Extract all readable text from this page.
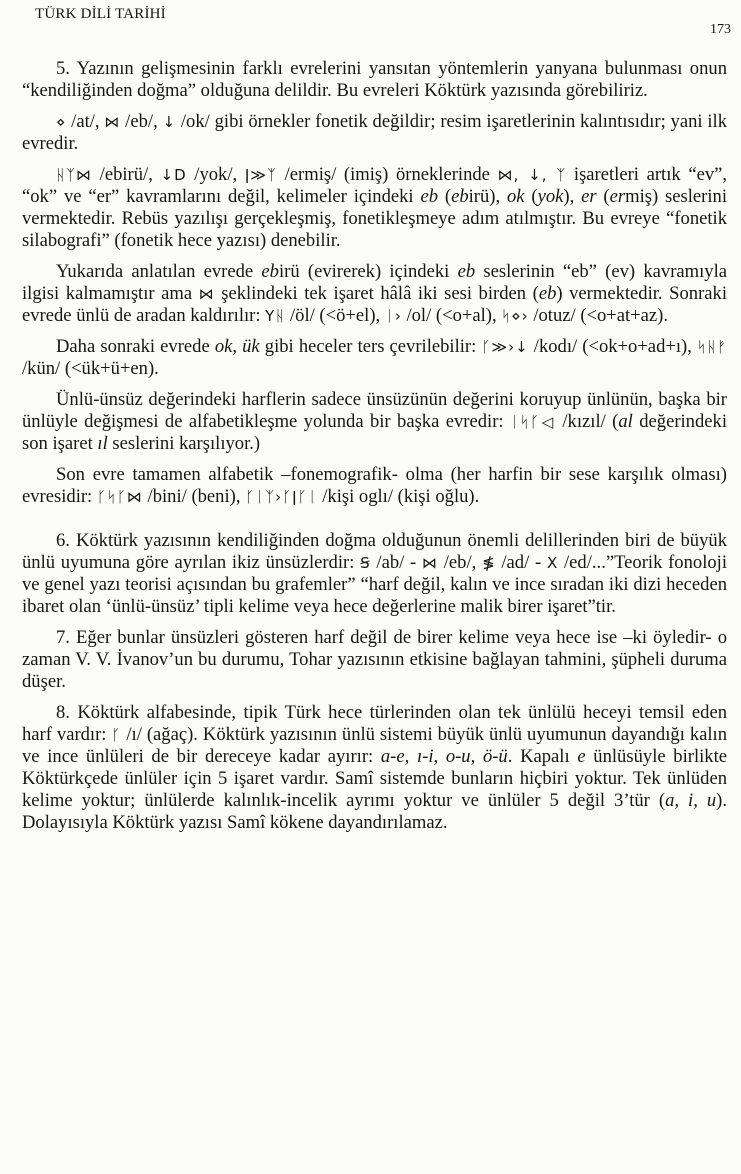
TÜRK DİLİ TARİHİ
173

5. Yazının gelişmesinin farklı evrelerini yansıtan yöntemlerin yanyana bulunması onun “kendiliğinden doğma” olduğuna delildir. Bu evreleri Köktürk yazısında görebiliriz.

⋄ /at/, ⋈ /eb/, ↓ /ok/ gibi örnekler fonetik değildir; resim işaretlerinin kalıntısıdır; yani ilk evredir.

ᚺᛉ⋈ /ebirü/, ↓D /yok/, ǀ≫ᛉ /ermiş/ (imiş) örneklerinde ⋈, ↓, ᛉ işaretleri artık “ev”, “ok” ve “er” kavramlarını değil, kelimeler içindeki eb (ebirü), ok (yok), er (ermiş) seslerini vermektedir. Rebüs yazılışı gerçekleşmiş, fonetikleşmeye adım atılmıştır. Bu evreye “fonetik silabografi” (fonetik hece yazısı) denebilir.

Yukarıda anlatılan evrede ebirü (evirerek) içindeki eb seslerinin “eb” (ev) kavramıyla ilgisi kalmamıştır ama ⋈ şeklindeki tek işaret hâlâ iki sesi birden (eb) vermektedir. Sonraki evrede ünlü de aradan kaldırılır: Yᚺ /öl/ (<ö+el), ᛁ› /ol/ (<o+al), ᛋ⋄› /otuz/ (<o+at+az).

Daha sonraki evrede ok, ük gibi heceler ters çevrilebilir: ᚴ≫›↓ /kodı/ (<ok+o+ad+ı), ᛋᚺᚠ /kün/ (<ük+ü+en).

Ünlü-ünsüz değerindeki harflerin sadece ünsüzünün değerini koruyup ünlünün, başka bir ünlüyle değişmesi de alfabetikleşme yolunda bir başka evredir: ᛁᛋᚴ◁ /kızıl/ (al değerindeki son işaret ıl seslerini karşılıyor.)

Son evre tamamen alfabetik –fonemografik- olma (her harfin bir sese karşılık olması) evresidir: ᚴᛋᚴ⋈ /bini/ (beni), ᚴᛁᛉ›ᚴǀᚴᛁ /kişi oglı/ (kişi oğlu).

6. Köktürk yazısının kendiliğinden doğma olduğunun önemli delillerinden biri de büyük ünlü uyumuna göre ayrılan ikiz ünsüzlerdir: Ꞩ /ab/ - ⋈ /eb/, ≸ /ad/ - X /ed/...”Teorik fonoloji ve genel yazı teorisi açısından bu grafemler” “harf değil, kalın ve ince sıradan iki dizi heceden ibaret olan ‘ünlü-ünsüz’ tipli kelime veya hece değerlerine malik birer işaret”tir.

7. Eğer bunlar ünsüzleri gösteren harf değil de birer kelime veya hece ise –ki öyledir- o zaman V. V. İvanov’un bu durumu, Tohar yazısının etkisine bağlayan tahmini, şüpheli duruma düşer.

8. Köktürk alfabesinde, tipik Türk hece türlerinden olan tek ünlülü heceyi temsil eden harf vardır: ᚴ /ı/ (ağaç). Köktürk yazısının ünlü sistemi büyük ünlü uyumunun dayandığı kalın ve ince ünlüleri de bir dereceye kadar ayırır: a-e, ı-i, o-u, ö-ü. Kapalı e ünlüsüyle birlikte Köktürkçede ünlüler için 5 işaret vardır. Samî sistemde bunların hiçbiri yoktur. Tek ünlüden kelime yoktur; ünlülerde kalınlık-incelik ayrımı yoktur ve ünlüler 5 değil 3’tür (a, i, u). Dolayısıyla Köktürk yazısı Samî kökene dayandırılamaz.
